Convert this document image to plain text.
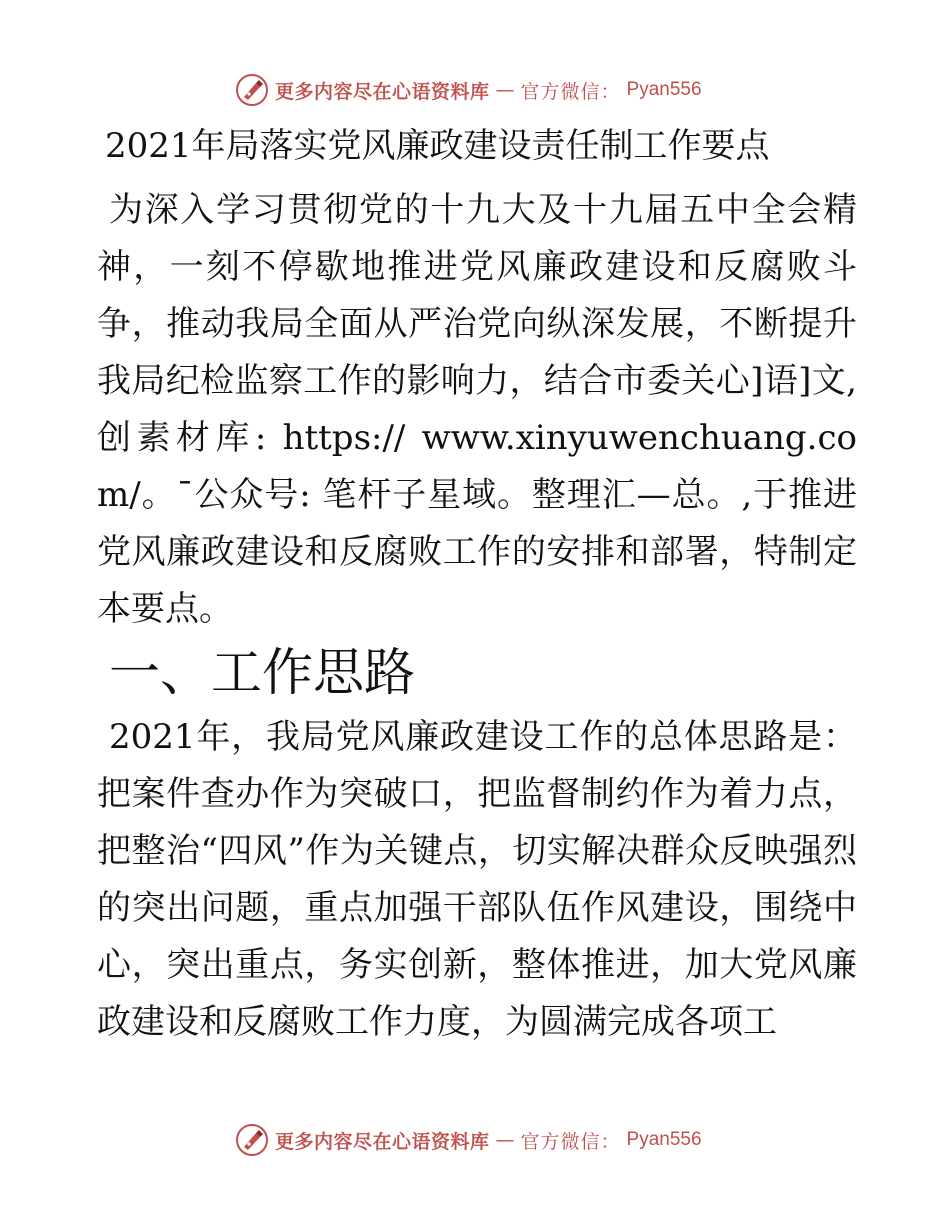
更多内容尽在心语资料库 — 官方微信： Pyan556
2021年局落实党风廉政建设责任制工作要点

为深入学习贯彻党的十九大及十九届五中全会精神，一刻不停歇地推进党风廉政建设和反腐败斗争，推动我局全面从严治党向纵深发展，不断提升我局纪检监察工作的影响力，结合市委关心]语]文,创素材库: https:// www.xinyuwenchuang.com/。¯公众号: 笔杆子星域。整理汇—总。,于推进党风廉政建设和反腐败工作的安排和部署，特制定本要点。

一、工作思路

2021年，我局党风廉政建设工作的总体思路是：把案件查办作为突破口，把监督制约作为着力点，把整治“四风”作为关键点，切实解决群众反映强烈的突出问题，重点加强干部队伍作风建设，围绕中心，突出重点，务实创新，整体推进，加大党风廉政建设和反腐败工作力度，为圆满完成各项工

更多内容尽在心语资料库 — 官方微信： Pyan556
